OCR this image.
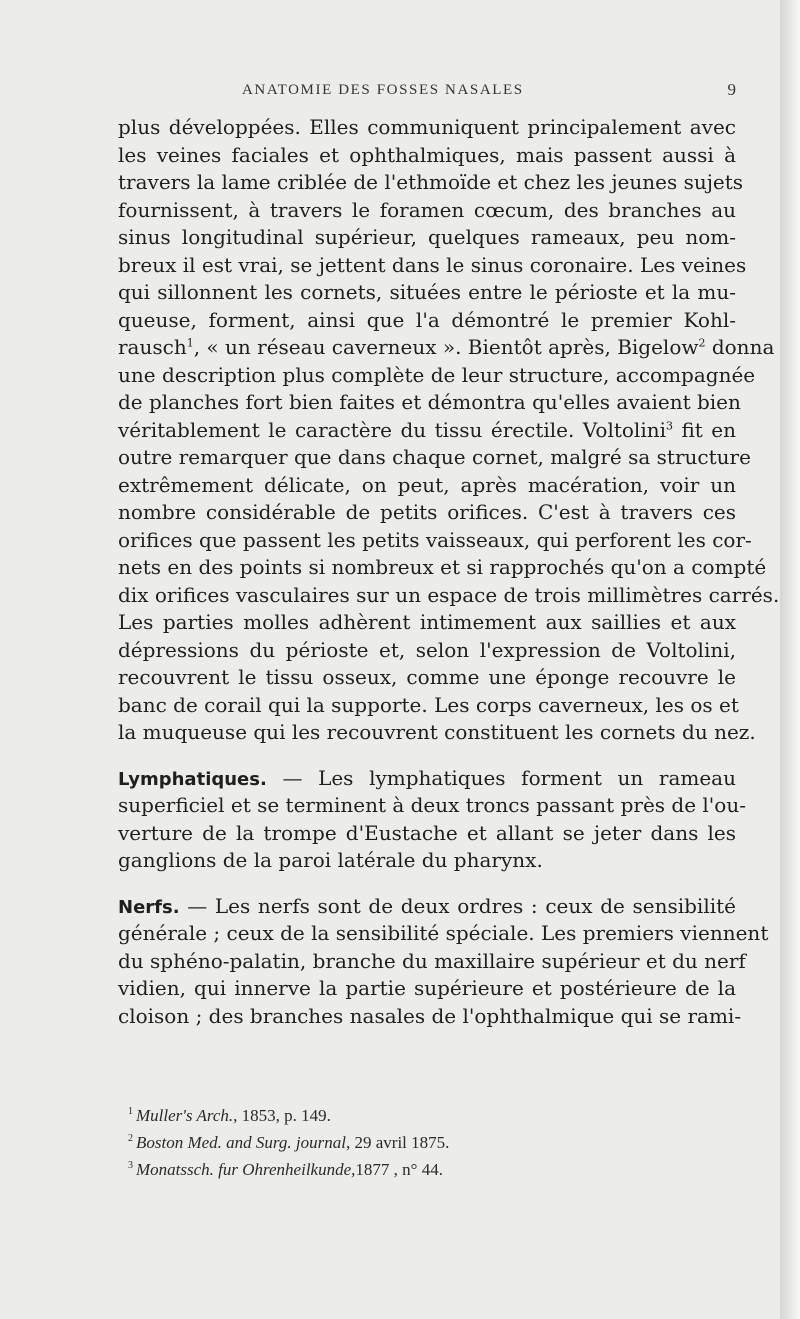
ANATOMIE DES FOSSES NASALES	9
plus développées. Elles communiquent principalement avec
les veines faciales et ophthalmiques, mais passent aussi à
travers la lame criblée de l'ethmoïde et chez les jeunes sujets
fournissent, à travers le foramen cœcum, des branches au
sinus longitudinal supérieur, quelques rameaux, peu nom-
breux il est vrai, se jettent dans le sinus coronaire. Les veines
qui sillonnent les cornets, situées entre le périoste et la mu-
queuse, forment, ainsi que l'a démontré le premier Kohl-
rausch$^1$, « un réseau caverneux ». Bientôt après, Bigelow$^2$ donna
une description plus complète de leur structure, accompagnée
de planches fort bien faites et démontra qu'elles avaient bien
véritablement le caractère du tissu érectile. Voltolini$^3$ fit en
outre remarquer que dans chaque cornet, malgré sa structure
extrêmement délicate, on peut, après macération, voir un
nombre considérable de petits orifices. C'est à travers ces
orifices que passent les petits vaisseaux, qui perforent les cor-
nets en des points si nombreux et si rapprochés qu'on a compté
dix orifices vasculaires sur un espace de trois millimètres carrés.
Les parties molles adhèrent intimement aux saillies et aux
dépressions du périoste et, selon l'expression de Voltolini,
recouvrent le tissu osseux, comme une éponge recouvre le
banc de corail qui la supporte. Les corps caverneux, les os et
la muqueuse qui les recouvrent constituent les cornets du nez.
Lymphatiques. — Les lymphatiques forment un rameau
superficiel et se terminent à deux troncs passant près de l'ou-
verture de la trompe d'Eustache et allant se jeter dans les
ganglions de la paroi latérale du pharynx.
Nerfs. — Les nerfs sont de deux ordres : ceux de sensibilité
générale ; ceux de la sensibilité spéciale. Les premiers viennent
du sphéno-palatin, branche du maxillaire supérieur et du nerf
vidien, qui innerve la partie supérieure et postérieure de la
cloison ; des branches nasales de l'ophthalmique qui se rami-
$^1$ Muller's Arch., 1853, p. 149.
$^2$ Boston Med. and Surg. journal, 29 avril 1875.
$^3$ Monatssch. fur Ohrenheilkunde,1877 , n° 44.
